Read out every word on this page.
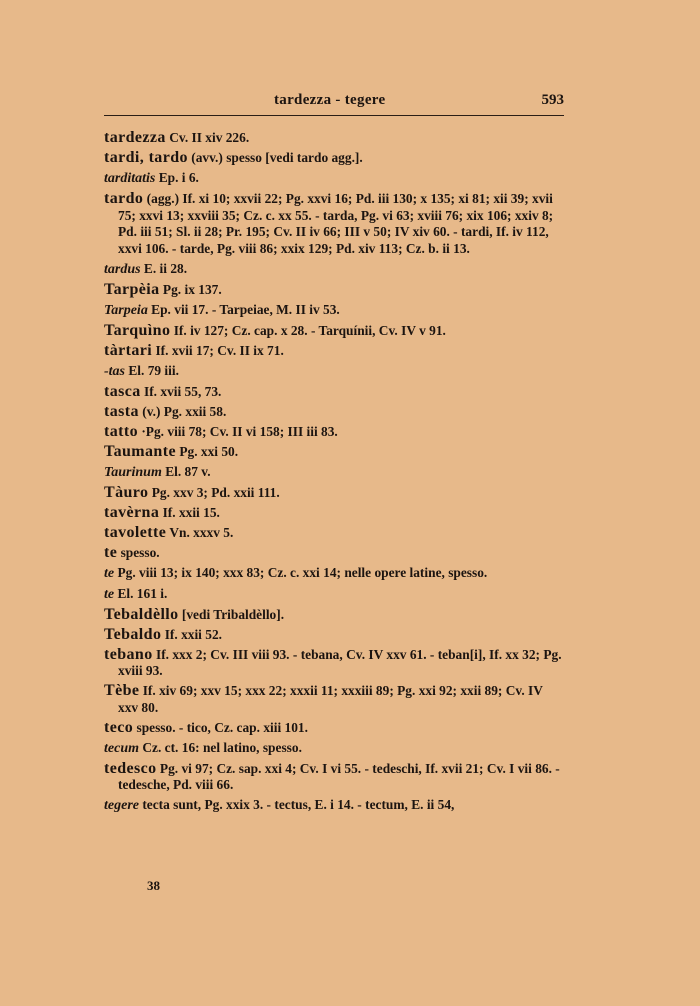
tardezza - tegere	593
tardezza Cv. II xiv 226.
tardi, tardo (avv.) spesso [vedi tardo agg.].
tarditatis Ep. i 6.
tardo (agg.) If. xi 10; xxvii 22; Pg. xxvi 16; Pd. iii 130; x 135; xi 81; xii 39; xvii 75; xxvi 13; xxviii 35; Cz. c. xx 55. - tarda, Pg. vi 63; xviii 76; xix 106; xxiv 8; Pd. iii 51; Sl. ii 28; Pr. 195; Cv. II iv 66; III v 50; IV xiv 60. - tardi, If. iv 112, xxvi 106. - tarde, Pg. viii 86; xxix 129; Pd. xiv 113; Cz. b. ii 13.
tardus E. ii 28.
Tarpèia Pg. ix 137.
Tarpeia Ep. vii 17. - Tarpeiae, M. II iv 53.
Tarquìno If. iv 127; Cz. cap. x 28. - Tarquínii, Cv. IV v 91.
tàrtari If. xvii 17; Cv. II ix 71.
-tas El. 79 iii.
tasca If. xvii 55, 73.
tasta (v.) Pg. xxii 58.
tatto ·Pg. viii 78; Cv. II vi 158; III iii 83.
Taumante Pg. xxi 50.
Taurinum El. 87 v.
Tàuro Pg. xxv 3; Pd. xxii 111.
tavèrna If. xxii 15.
tavolette Vn. xxxv 5.
te spesso.
te Pg. viii 13; ix 140; xxx 83; Cz. c. xxi 14; nelle opere latine, spesso.
te El. 161 i.
Tebaldèllo [vedi Tribaldèllo].
Tebaldo If. xxii 52.
tebano If. xxx 2; Cv. III viii 93. - tebana, Cv. IV xxv 61. - teban[i], If. xx 32; Pg. xviii 93.
Tèbe If. xiv 69; xxv 15; xxx 22; xxxii 11; xxxiii 89; Pg. xxi 92; xxii 89; Cv. IV xxv 80.
teco spesso. - tico, Cz. cap. xiii 101.
tecum Cz. ct. 16: nel latino, spesso.
tedesco Pg. vi 97; Cz. sap. xxi 4; Cv. I vi 55. - tedeschi, If. xvii 21; Cv. I vii 86. - tedesche, Pd. viii 66.
tegere tecta sunt, Pg. xxix 3. - tectus, E. i 14. - tectum, E. ii 54,
38
